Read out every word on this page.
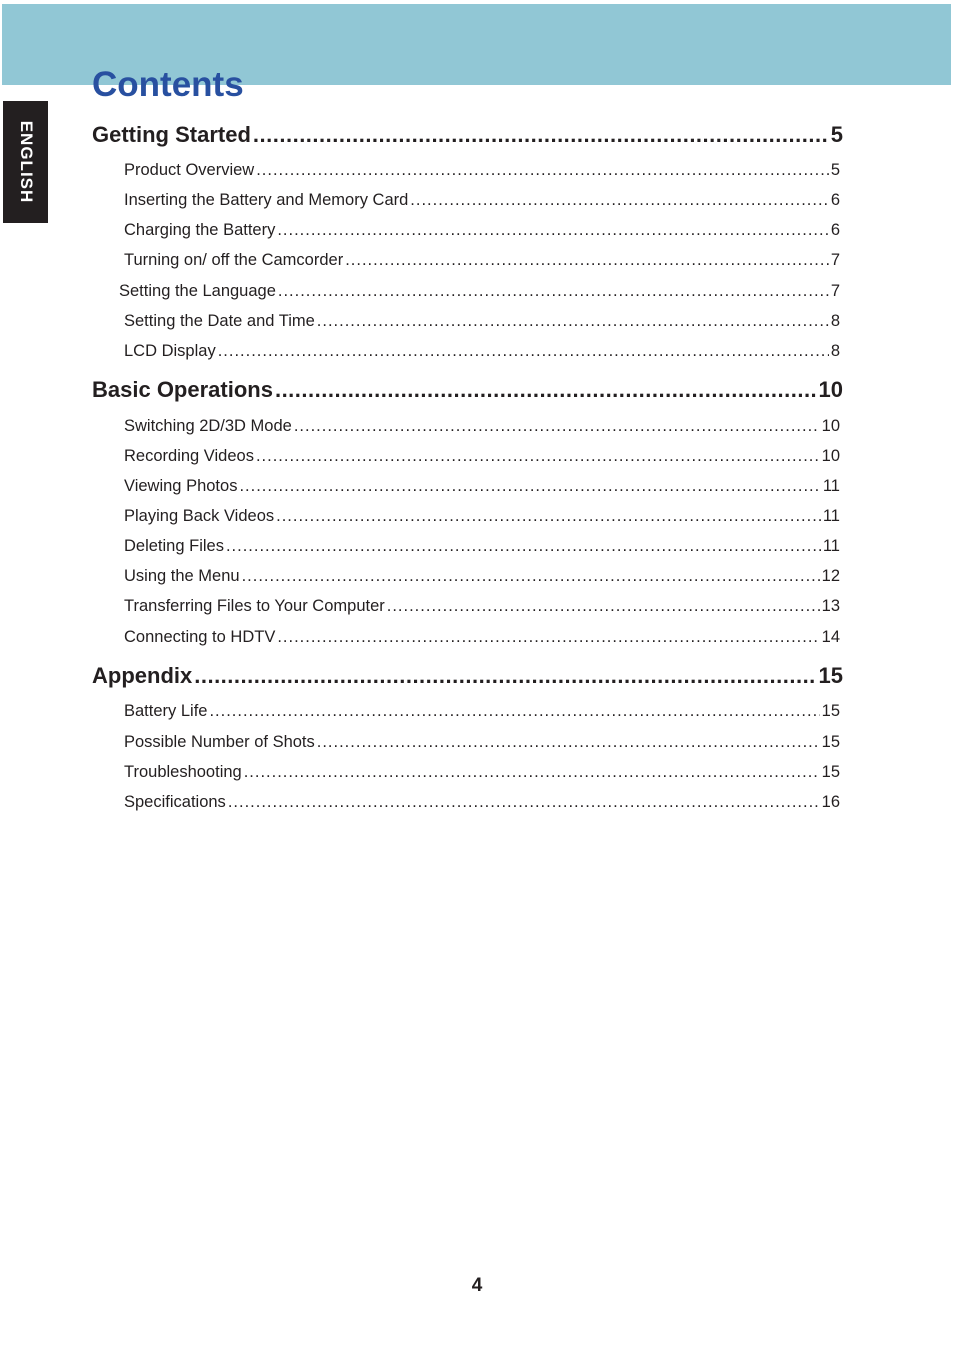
ENGLISH
Contents
Getting Started .....	5
Product Overview .....	5
Inserting the Battery and Memory Card .....	6
Charging the Battery .....	6
Turning on/ off the Camcorder .....	7
Setting the Language .....	7
Setting the Date and Time .....	8
LCD Display .....	8
Basic Operations .....	10
Switching 2D/3D Mode .....	10
Recording Videos .....	10
Viewing Photos .....	11
Playing Back Videos .....	11
Deleting Files .....	11
Using the Menu .....	12
Transferring Files to Your Computer .....	13
Connecting to HDTV .....	14
Appendix .....	15
Battery Life .....	15
Possible Number of Shots .....	15
Troubleshooting .....	15
Specifications .....	16
4
